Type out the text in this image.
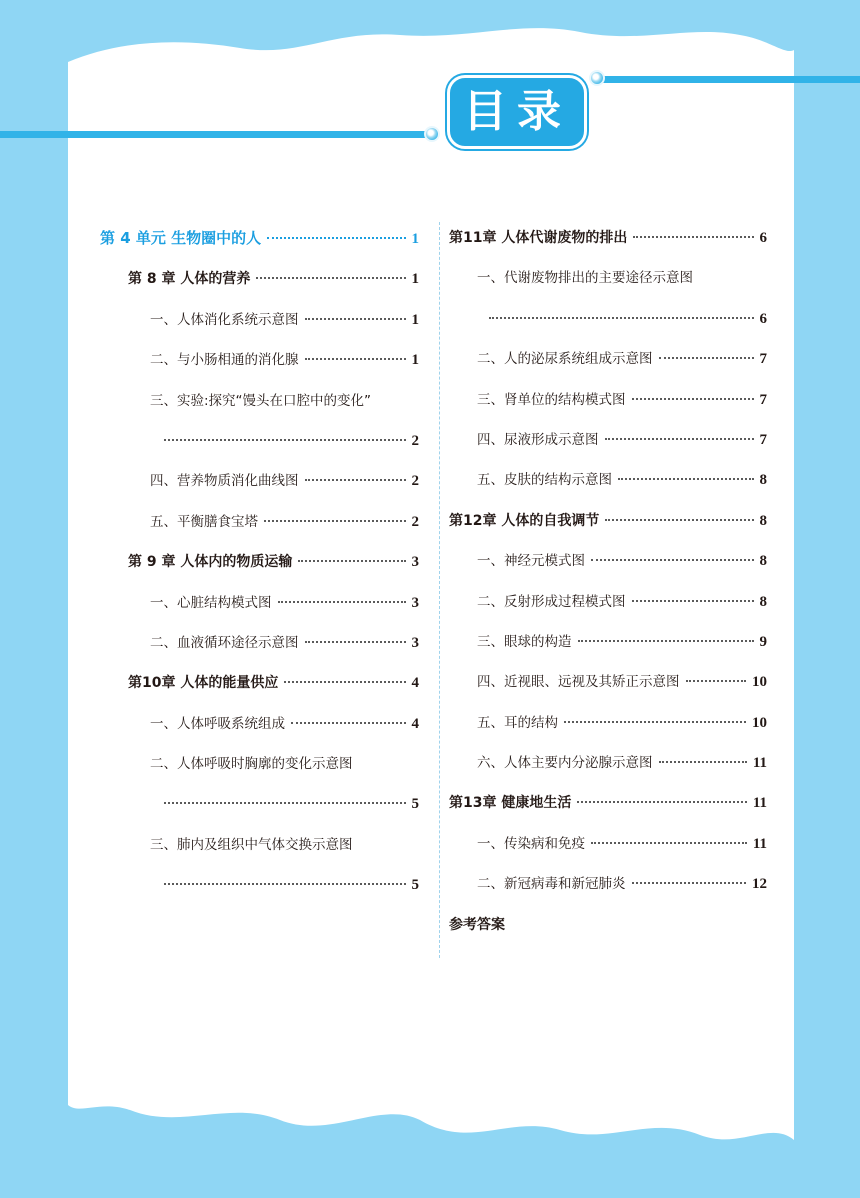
目录
第 4 单元 生物圈中的人	1
第 8 章 人体的营养	1
一、人体消化系统示意图	1
二、与小肠相通的消化腺	1
三、实验:探究“馒头在口腔中的变化”
2
四、营养物质消化曲线图	2
五、平衡膳食宝塔	2
第 9 章 人体内的物质运输	3
一、心脏结构模式图	3
二、血液循环途径示意图	3
第10章 人体的能量供应	4
一、人体呼吸系统组成	4
二、人体呼吸时胸廓的变化示意图
5
三、肺内及组织中气体交换示意图
5
第11章 人体代谢废物的排出	6
一、代谢废物排出的主要途径示意图
6
二、人的泌尿系统组成示意图	7
三、肾单位的结构模式图	7
四、尿液形成示意图	7
五、皮肤的结构示意图	8
第12章 人体的自我调节	8
一、神经元模式图	8
二、反射形成过程模式图	8
三、眼球的构造	9
四、近视眼、远视及其矫正示意图	10
五、耳的结构	10
六、人体主要内分泌腺示意图	11
第13章 健康地生活	11
一、传染病和免疫	11
二、新冠病毒和新冠肺炎	12
参考答案
